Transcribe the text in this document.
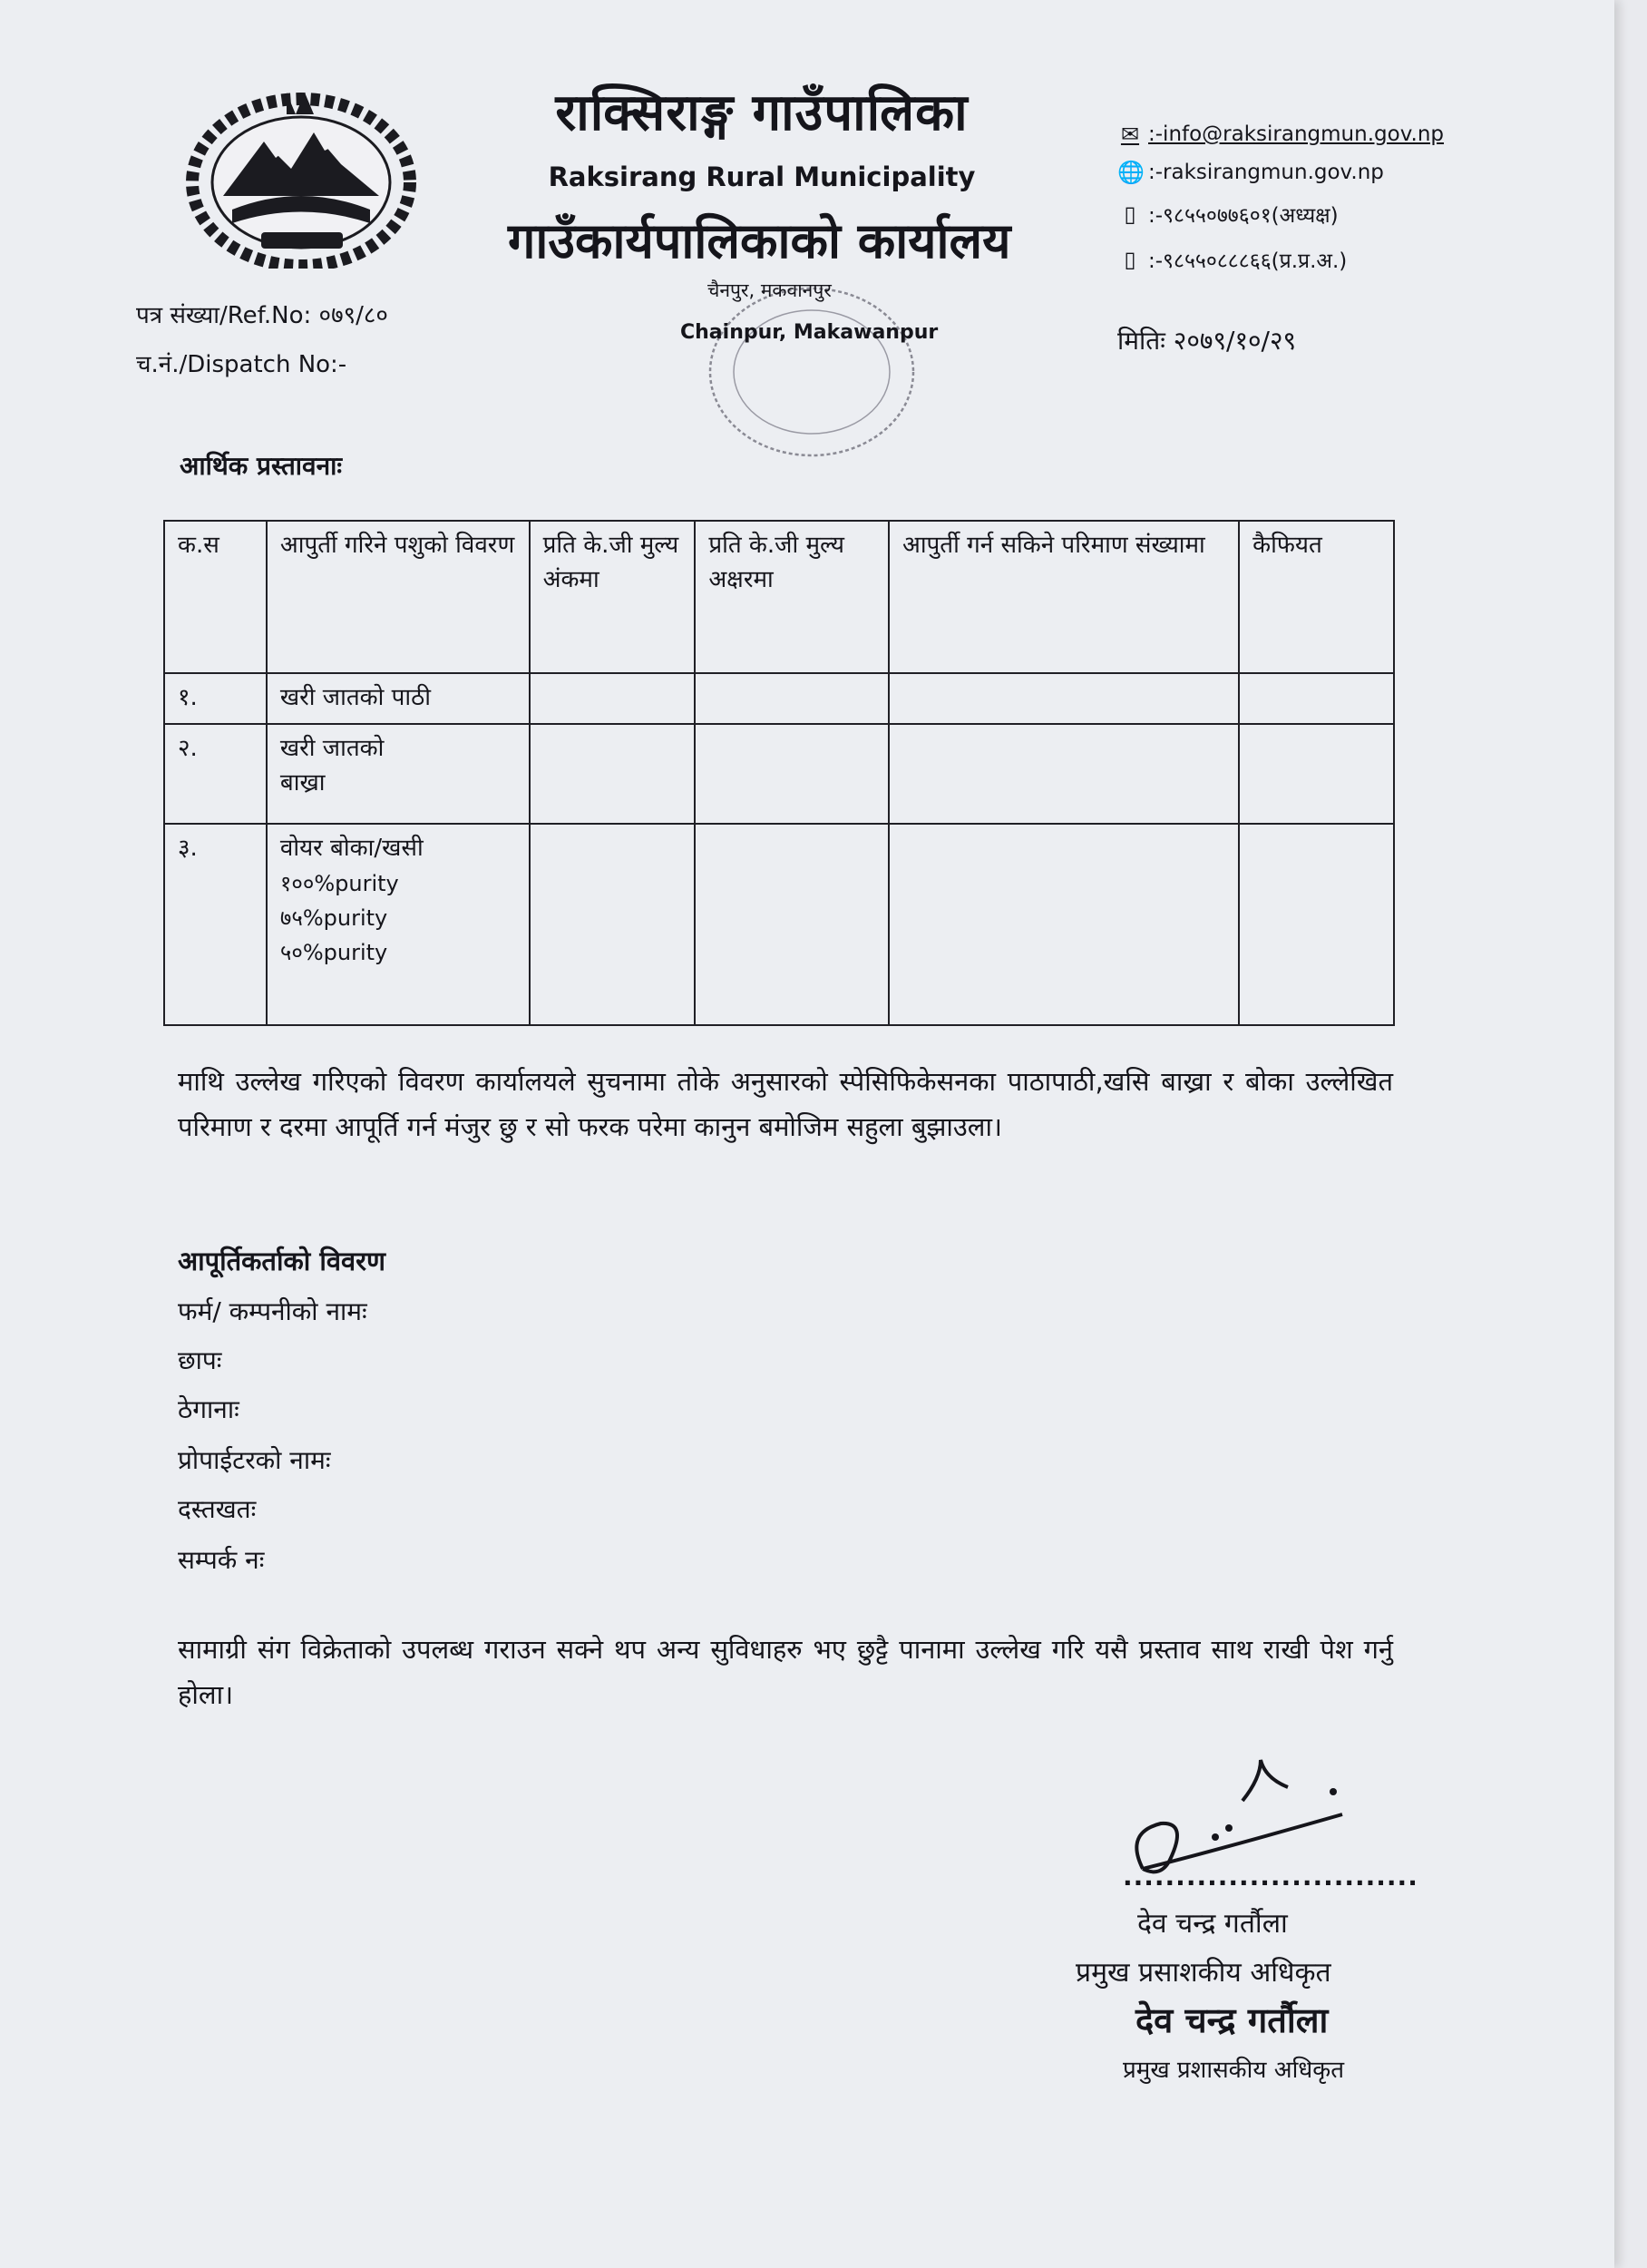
राक्सिराङ्ग गाउँपालिका
Raksirang Rural Municipality
गाउँकार्यपालिकाको कार्यालय
✉ :-info@raksirangmun.gov.np
🌐 :-raksirangmun.gov.np
▯ :-९८५५०७७६०१(अध्यक्ष)
▯ :-९८५५०८८८६६(प्र.प्र.अ.)
चैनपुर, मकवानपुर
Chainpur, Makawanpur
पत्र संख्या/Ref.No: ०७९/८०
च.नं./Dispatch No:-
मितिः २०७९/१०/२९
आर्थिक प्रस्तावनाः
क.स	आपुर्ती गरिने पशुको विवरण	प्रति के.जी मुल्य अंकमा	प्रति के.जी मुल्य अक्षरमा	आपुर्ती गर्न सकिने परिमाण संख्यामा	कैफियत
१.	खरी जातको पाठी				
२.	खरी जातको बाख्रा				
३.	वोयर बोका/खसी
१००%purity
७५%purity
५०%purity				

माथि उल्लेख गरिएको विवरण कार्यालयले सुचनामा तोके अनुसारको स्पेसिफिकेसनका पाठापाठी,खसि बाख्रा र बोका उल्लेखित परिमाण र दरमा आपूर्ति गर्न मंजुर छु र सो फरक परेमा कानुन बमोजिम सहुला बुझाउला।
आपूर्तिकर्ताको विवरण
फर्म/ कम्पनीको नामः
छापः
ठेगानाः
प्रोपाईटरको नामः
दस्तखतः
सम्पर्क नः
सामाग्री संग विक्रेताको उपलब्ध गराउन सक्ने थप अन्य सुविधाहरु भए छुट्टै पानामा उल्लेख गरि यसै प्रस्ताव साथ राखी पेश गर्नु होला।
............................
देव चन्द्र गर्तौला
प्रमुख प्रसाशकीय अधिकृत
देव चन्द्र गर्तौला
प्रमुख प्रशासकीय अधिकृत
